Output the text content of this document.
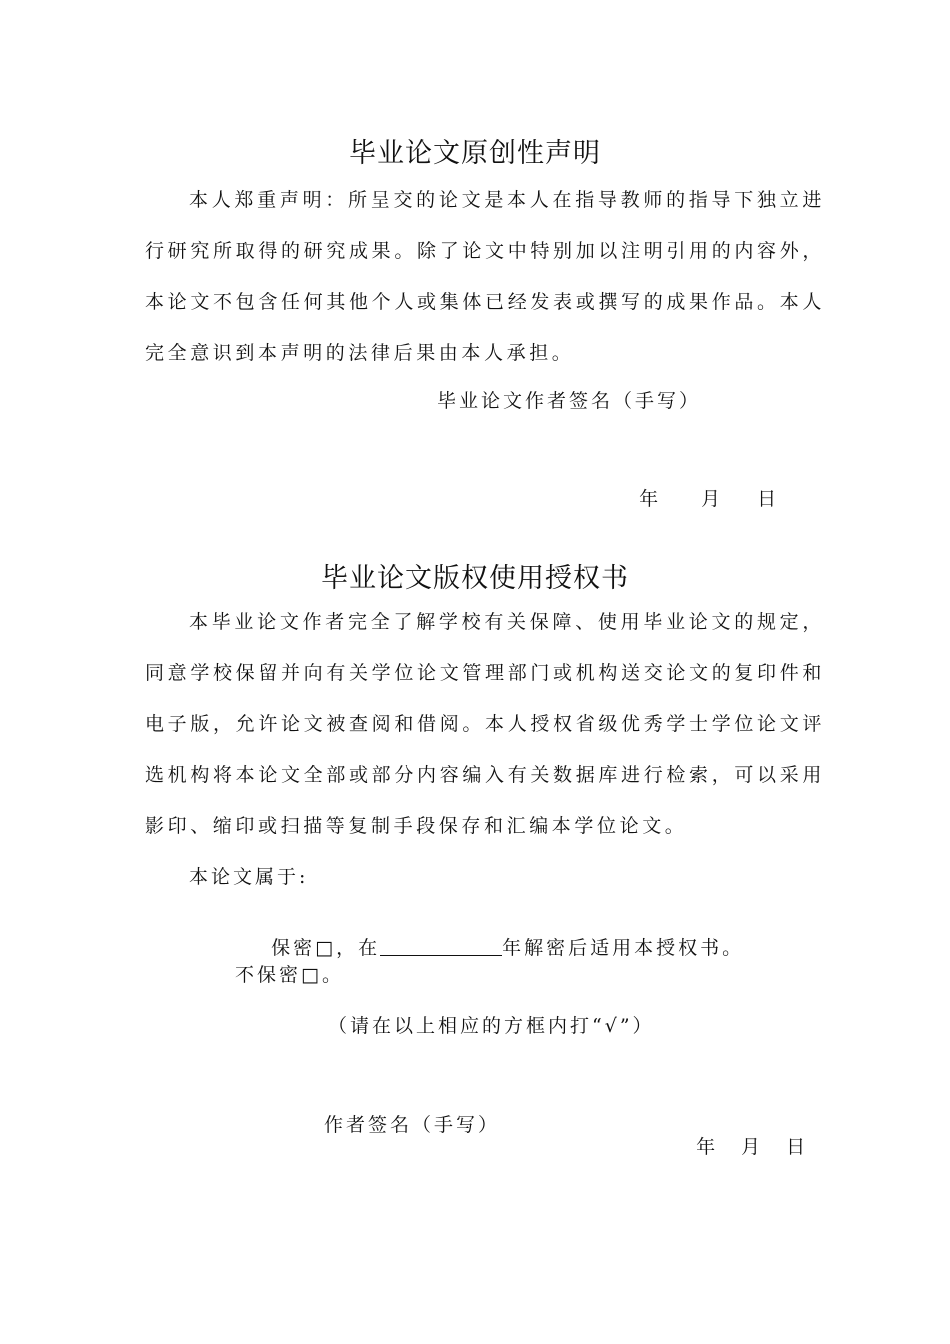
毕业论文原创性声明

本人郑重声明：所呈交的论文是本人在指导教师的指导下独立进行研究所取得的研究成果。除了论文中特别加以注明引用的内容外，本论文不包含任何其他个人或集体已经发表或撰写的成果作品。本人完全意识到本声明的法律后果由本人承担。

毕业论文作者签名（手写）

年 月 日

毕业论文版权使用授权书

本毕业论文作者完全了解学校有关保障、使用毕业论文的规定，同意学校保留并向有关学位论文管理部门或机构送交论文的复印件和电子版，允许论文被查阅和借阅。本人授权省级优秀学士学位论文评选机构将本论文全部或部分内容编入有关数据库进行检索，可以采用影印、缩印或扫描等复制手段保存和汇编本学位论文。

本论文属于:

保密□，在	年解密后适用本授权书。

不保密□。

（请在以上相应的方框内打“√”）

作者签名（手写）

年 月 日
